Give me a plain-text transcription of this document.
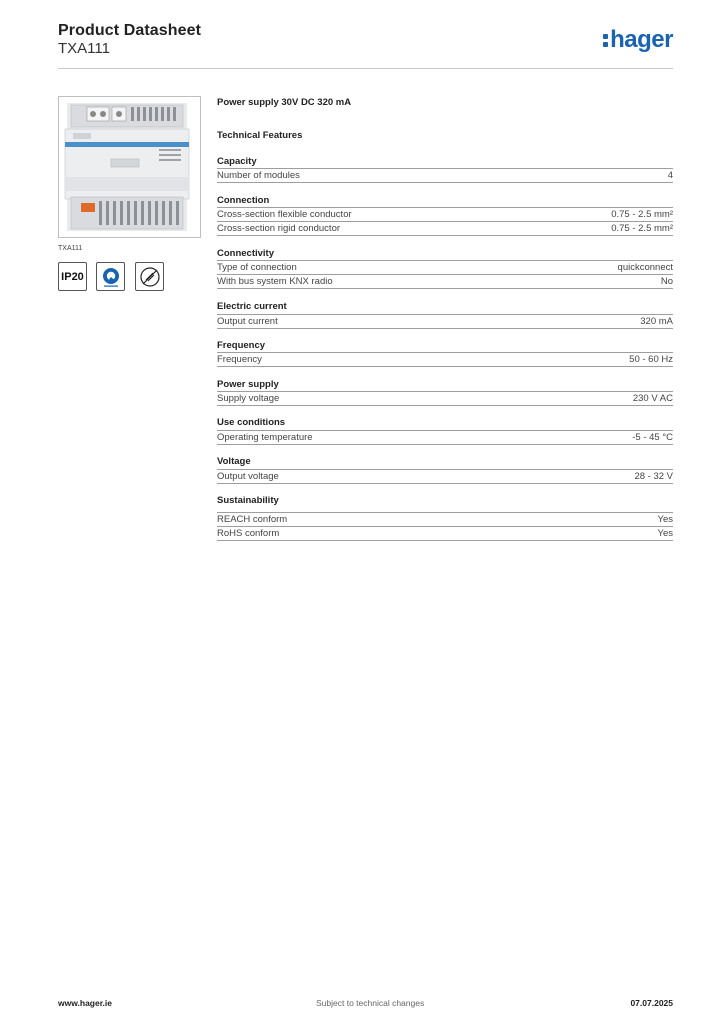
Product Datasheet
TXA111	hager
TXA111
IP20
Power supply 30V DC 320 mA
Technical Features
Capacity
Number of modules	4
Connection
Cross-section flexible conductor	0.75 - 2.5 mm²
Cross-section rigid conductor	0.75 - 2.5 mm²
Connectivity
Type of connection	quickconnect
With bus system KNX radio	No
Electric current
Output current	320 mA
Frequency
Frequency	50 - 60 Hz
Power supply
Supply voltage	230 V AC
Use conditions
Operating temperature	-5 - 45 °C
Voltage
Output voltage	28 - 32 V
Sustainability
REACH conform	Yes
RoHS conform	Yes
www.hager.ie	Subject to technical changes	07.07.2025
